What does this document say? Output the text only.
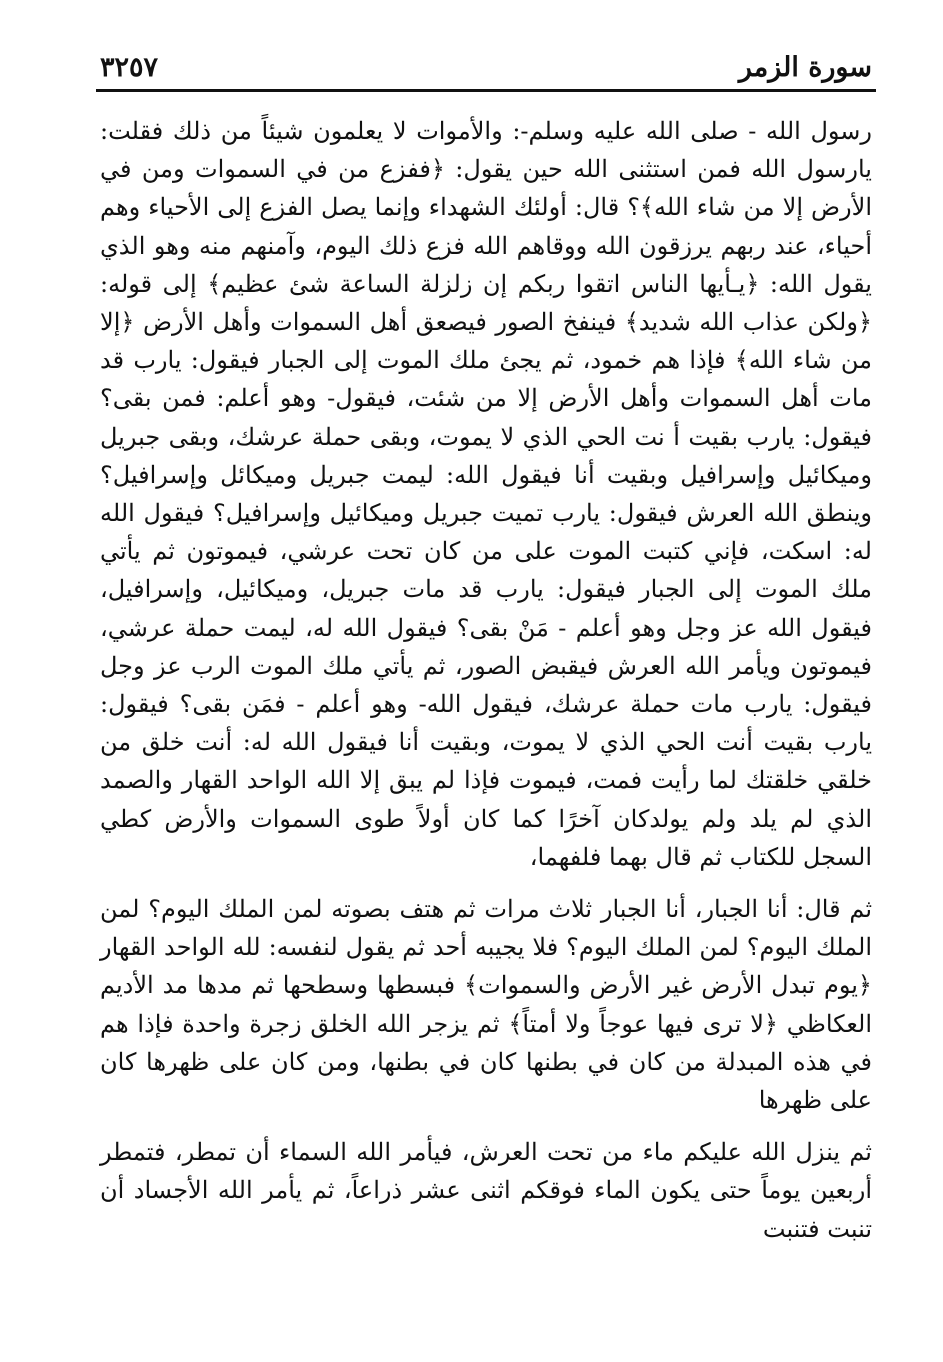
سورة الزمر
٣٢٥٧

رسول الله - صلى الله عليه وسلم-: والأموات لا يعلمون شيئاً من ذلك فقلت: يارسول الله فمن استثنى الله حين يقول: ﴿ففزع من في السموات ومن في الأرض إلا من شاء الله﴾؟ قال: أولئك الشهداء وإنما يصل الفزع إلى الأحياء وهم أحياء، عند ربهم يرزقون الله ووقاهم الله فزع ذلك اليوم، وآمنهم منه وهو الذي يقول الله: ﴿يـأيها الناس اتقوا ربكم إن زلزلة الساعة شئ عظيم﴾ إلى قوله: ﴿ولكن عذاب الله شديد﴾ فينفخ الصور فيصعق أهل السموات وأهل الأرض ﴿إلا من شاء الله﴾ فإذا هم خمود، ثم يجئ ملك الموت إلى الجبار فيقول: يارب قد مات أهل السموات وأهل الأرض إلا من شئت، فيقول- وهو أعلم: فمن بقى؟ فيقول: يارب بقيت أ نت الحي الذي لا يموت، وبقى حملة عرشك، وبقى جبريل وميكائيل وإسرافيل وبقيت أنا فيقول الله: ليمت جبريل وميكائل وإسرافيل؟ وينطق الله العرش فيقول: يارب تميت جبريل وميكائيل وإسرافيل؟ فيقول الله له: اسكت، فإني كتبت الموت على من كان تحت عرشي، فيموتون ثم يأتي ملك الموت إلى الجبار فيقول: يارب قد مات جبريل، وميكائيل، وإسرافيل، فيقول الله عز وجل وهو أعلم - مَنْ بقى؟ فيقول الله له، ليمت حملة عرشي، فيموتون ويأمر الله العرش فيقبض الصور، ثم يأتي ملك الموت الرب عز وجل فيقول: يارب مات حملة عرشك، فيقول الله- وهو أعلم - فمَن بقى؟ فيقول: يارب بقيت أنت الحي الذي لا يموت، وبقيت أنا فيقول الله له: أنت خلق من خلقي خلقتك لما رأيت فمت، فيموت فإذا لم يبق إلا الله الواحد القهار والصمد الذي لم يلد ولم يولدكان آخرًا كما كان أولاً طوى السموات والأرض كطي السجل للكتاب ثم قال بهما فلفهما،

ثم قال: أنا الجبار، أنا الجبار ثلاث مرات ثم هتف بصوته لمن الملك اليوم؟ لمن الملك اليوم؟ لمن الملك اليوم؟ فلا يجيبه أحد ثم يقول لنفسه: لله الواحد القهار ﴿يوم تبدل الأرض غير الأرض والسموات﴾ فبسطها وسطحها ثم مدها مد الأديم العكاظي ﴿لا ترى فيها عوجاً ولا أمتاً﴾ ثم يزجر الله الخلق زجرة واحدة فإذا هم في هذه المبدلة من كان في بطنها كان في بطنها، ومن كان على ظهرها كان على ظهرها

ثم ينزل الله عليكم ماء من تحت العرش، فيأمر الله السماء أن تمطر، فتمطر أربعين يوماً حتى يكون الماء فوقكم اثنى عشر ذراعاً، ثم يأمر الله الأجساد أن تنبت فتنبت
